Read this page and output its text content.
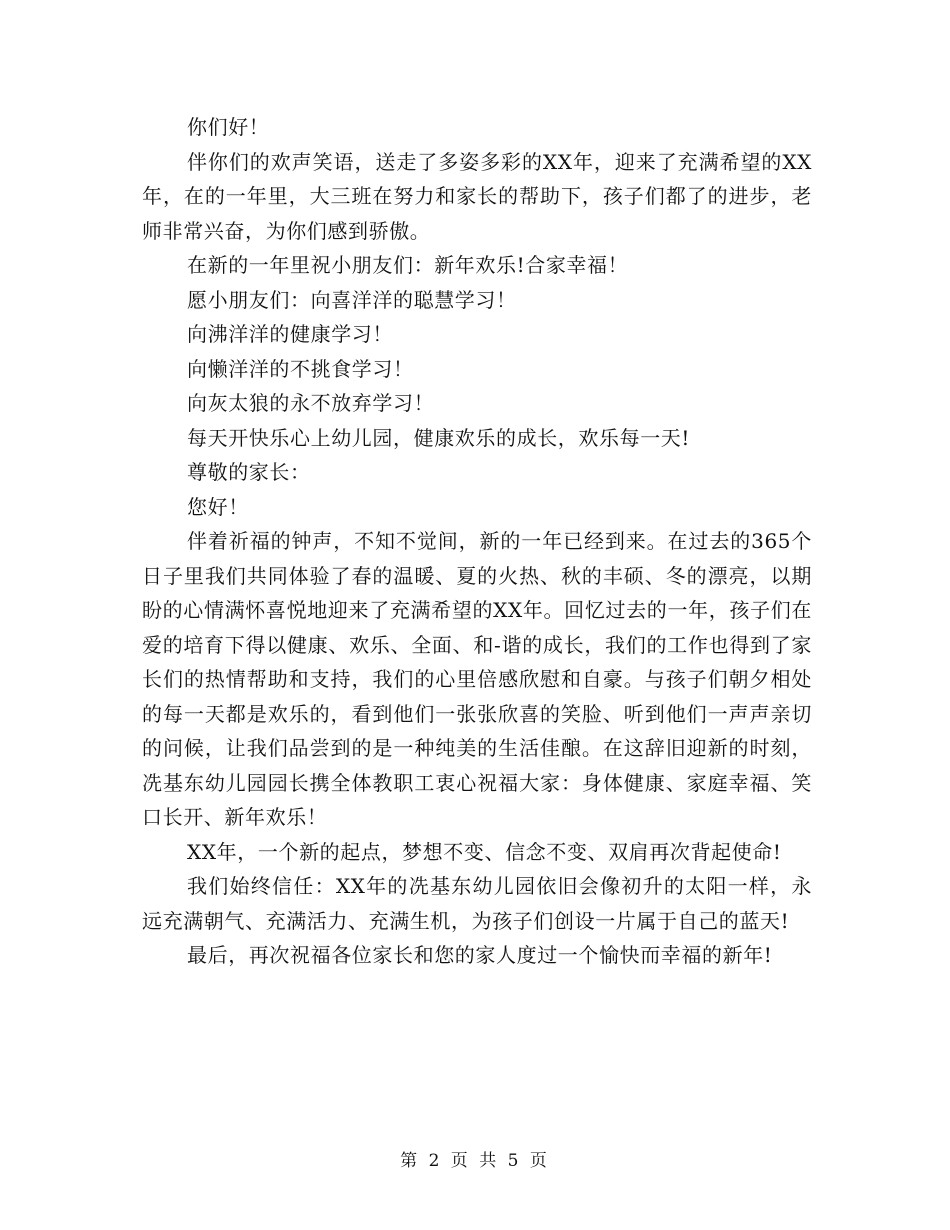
你们好！

伴你们的欢声笑语，送走了多姿多彩的XX年，迎来了充满希望的XX年，在的一年里，大三班在努力和家长的帮助下，孩子们都了的进步，老师非常兴奋，为你们感到骄傲。

在新的一年里祝小朋友们：新年欢乐!合家幸福！

愿小朋友们：向喜洋洋的聪慧学习！

向沸洋洋的健康学习！

向懒洋洋的不挑食学习！

向灰太狼的永不放弃学习！

每天开快乐心上幼儿园，健康欢乐的成长，欢乐每一天!

尊敬的家长：

您好！

伴着祈福的钟声，不知不觉间，新的一年已经到来。在过去的365个日子里我们共同体验了春的温暖、夏的火热、秋的丰硕、冬的漂亮，以期盼的心情满怀喜悦地迎来了充满希望的XX年。回忆过去的一年，孩子们在爱的培育下得以健康、欢乐、全面、和-谐的成长，我们的工作也得到了家长们的热情帮助和支持，我们的心里倍感欣慰和自豪。与孩子们朝夕相处的每一天都是欢乐的，看到他们一张张欣喜的笑脸、听到他们一声声亲切的问候，让我们品尝到的是一种纯美的生活佳酿。在这辞旧迎新的时刻，冼基东幼儿园园长携全体教职工衷心祝福大家：身体健康、家庭幸福、笑口长开、新年欢乐！

XX年，一个新的起点，梦想不变、信念不变、双肩再次背起使命!

我们始终信任：XX年的冼基东幼儿园依旧会像初升的太阳一样，永远充满朝气、充满活力、充满生机，为孩子们创设一片属于自己的蓝天!

最后，再次祝福各位家长和您的家人度过一个愉快而幸福的新年!

第 2 页 共 5 页
